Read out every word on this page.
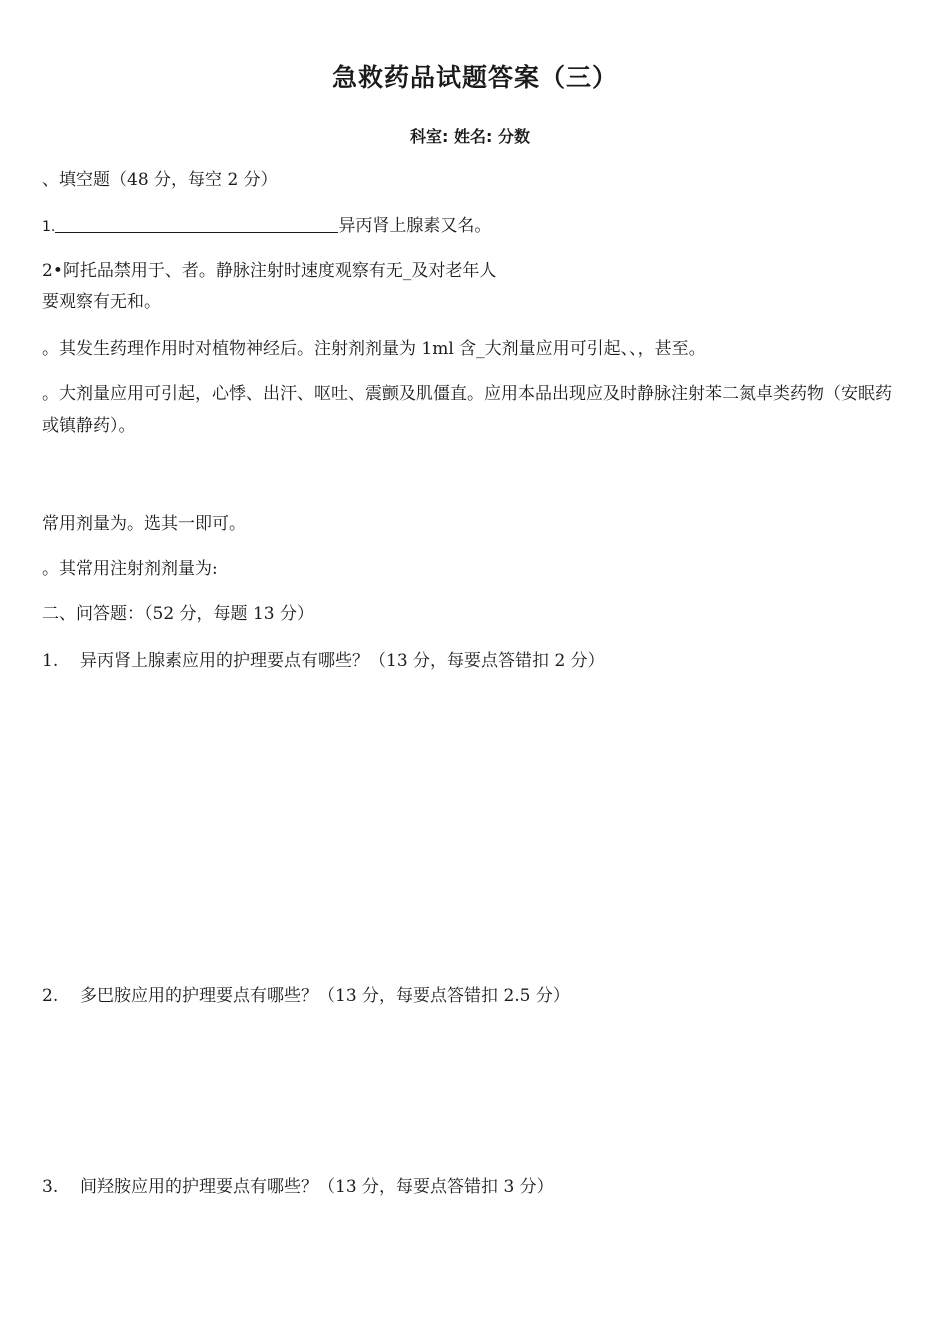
急救药品试题答案（三）
科室: 姓名: 分数
、填空题（48 分，每空 2 分）
1.	异丙肾上腺素又名。
2•阿托品禁用于、者。静脉注射时速度观察有无_及对老年人
要观察有无和。
。其发生药理作用时对植物神经后。注射剂剂量为 1ml 含_大剂量应用可引起、、，甚至。
。大剂量应用可引起，心悸、出汗、呕吐、震颤及肌僵直。应用本品出现应及时静脉注射苯二氮卓类药物（安眠药或镇静药）。
常用剂量为。选其一即可。
。其常用注射剂剂量为:
二、问答题：（52 分，每题 13 分）
1. 异丙肾上腺素应用的护理要点有哪些？（13 分，每要点答错扣 2 分）
2. 多巴胺应用的护理要点有哪些？（13 分，每要点答错扣 2.5 分）
3. 间羟胺应用的护理要点有哪些？（13 分，每要点答错扣 3 分）
